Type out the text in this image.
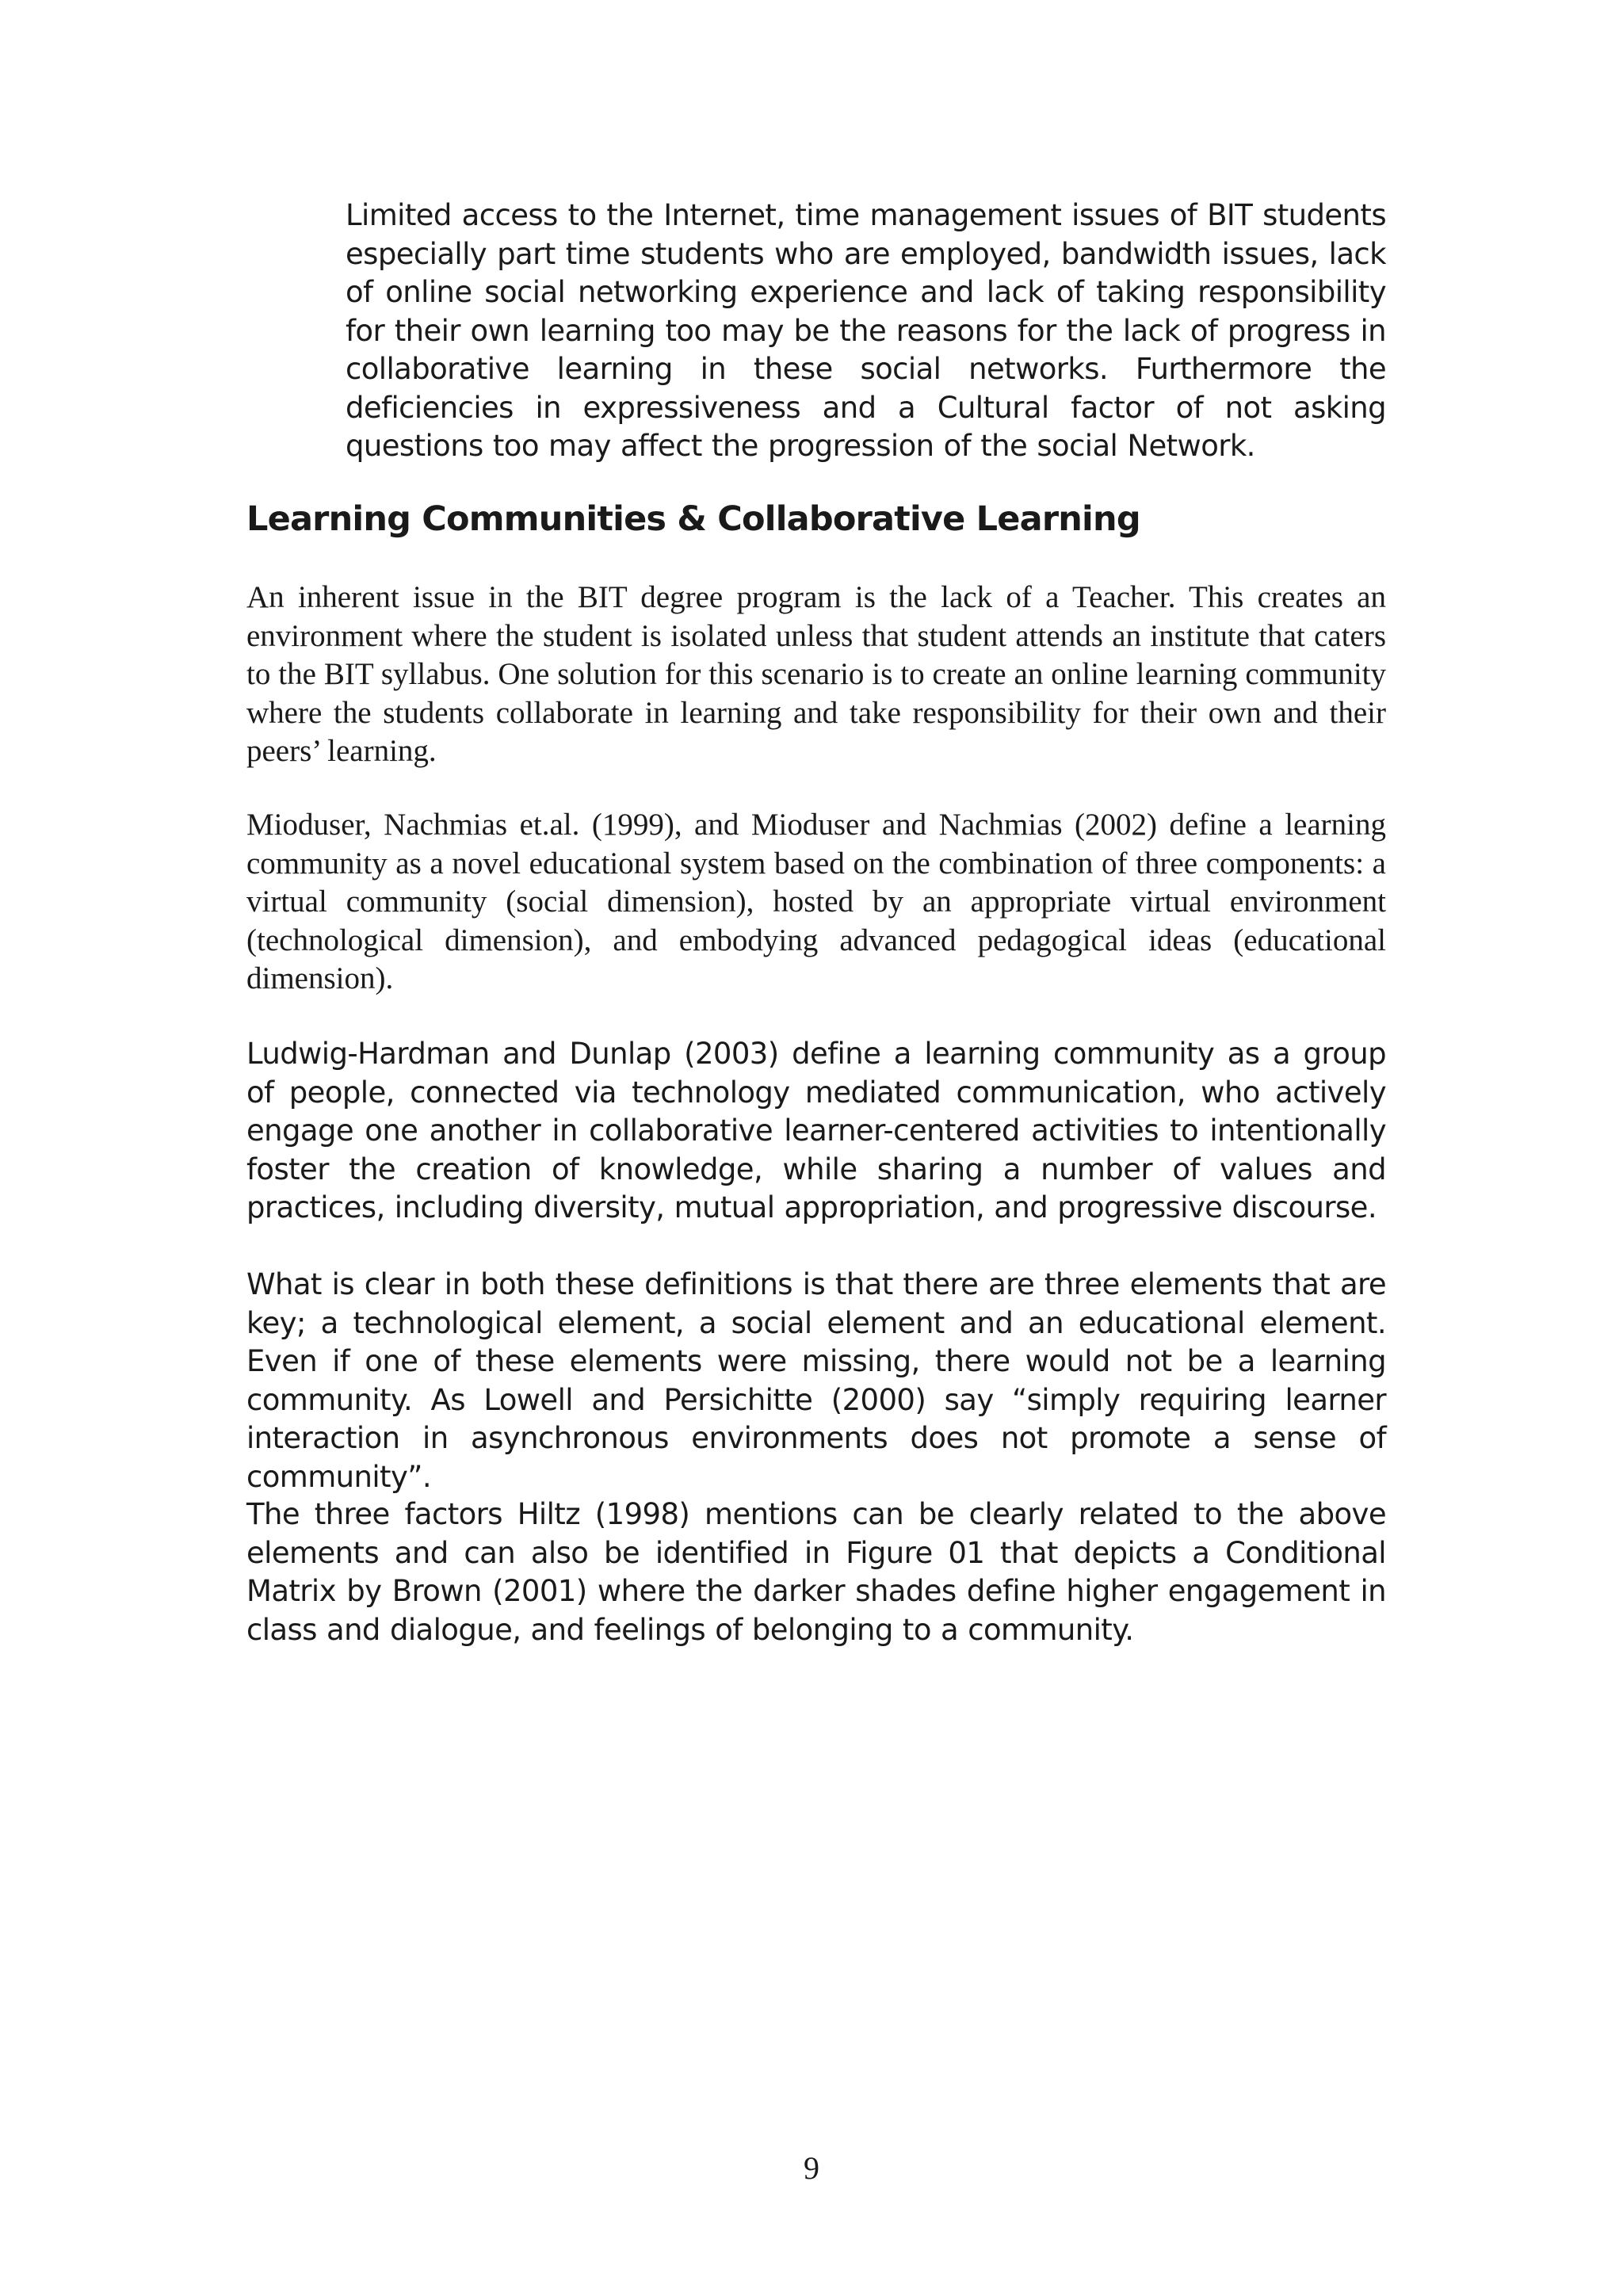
Limited access to the Internet, time management issues of BIT students especially part time students who are employed, bandwidth issues, lack of online social networking experience and lack of taking responsibility for their own learning too may be the reasons for the lack of progress in collaborative learning in these social networks. Furthermore the deficiencies in expressiveness and a Cultural factor of not asking questions too may affect the progression of the social Network.

Learning Communities & Collaborative Learning

An inherent issue in the BIT degree program is the lack of a Teacher. This creates an environment where the student is isolated unless that student attends an institute that caters to the BIT syllabus. One solution for this scenario is to create an online learning community where the students collaborate in learning and take responsibility for their own and their peers’ learning.

Mioduser, Nachmias et.al. (1999), and Mioduser and Nachmias (2002) define a learning community as a novel educational system based on the combination of three components: a virtual community (social dimension), hosted by an appropriate virtual environment (technological dimension), and embodying advanced pedagogical ideas (educational dimension).

Ludwig-Hardman and Dunlap (2003) define a learning community as a group of people, connected via technology mediated communication, who actively engage one another in collaborative learner-centered activities to intentionally foster the creation of knowledge, while sharing a number of values and practices, including diversity, mutual appropriation, and progressive discourse.

What is clear in both these definitions is that there are three elements that are key; a technological element, a social element and an educational element. Even if one of these elements were missing, there would not be a learning community. As Lowell and Persichitte (2000) say “simply requiring learner interaction in asynchronous environments does not promote a sense of community”.

The three factors Hiltz (1998) mentions can be clearly related to the above elements and can also be identified in Figure 01 that depicts a Conditional Matrix by Brown (2001) where the darker shades define higher engagement in class and dialogue, and feelings of belonging to a community.

9
